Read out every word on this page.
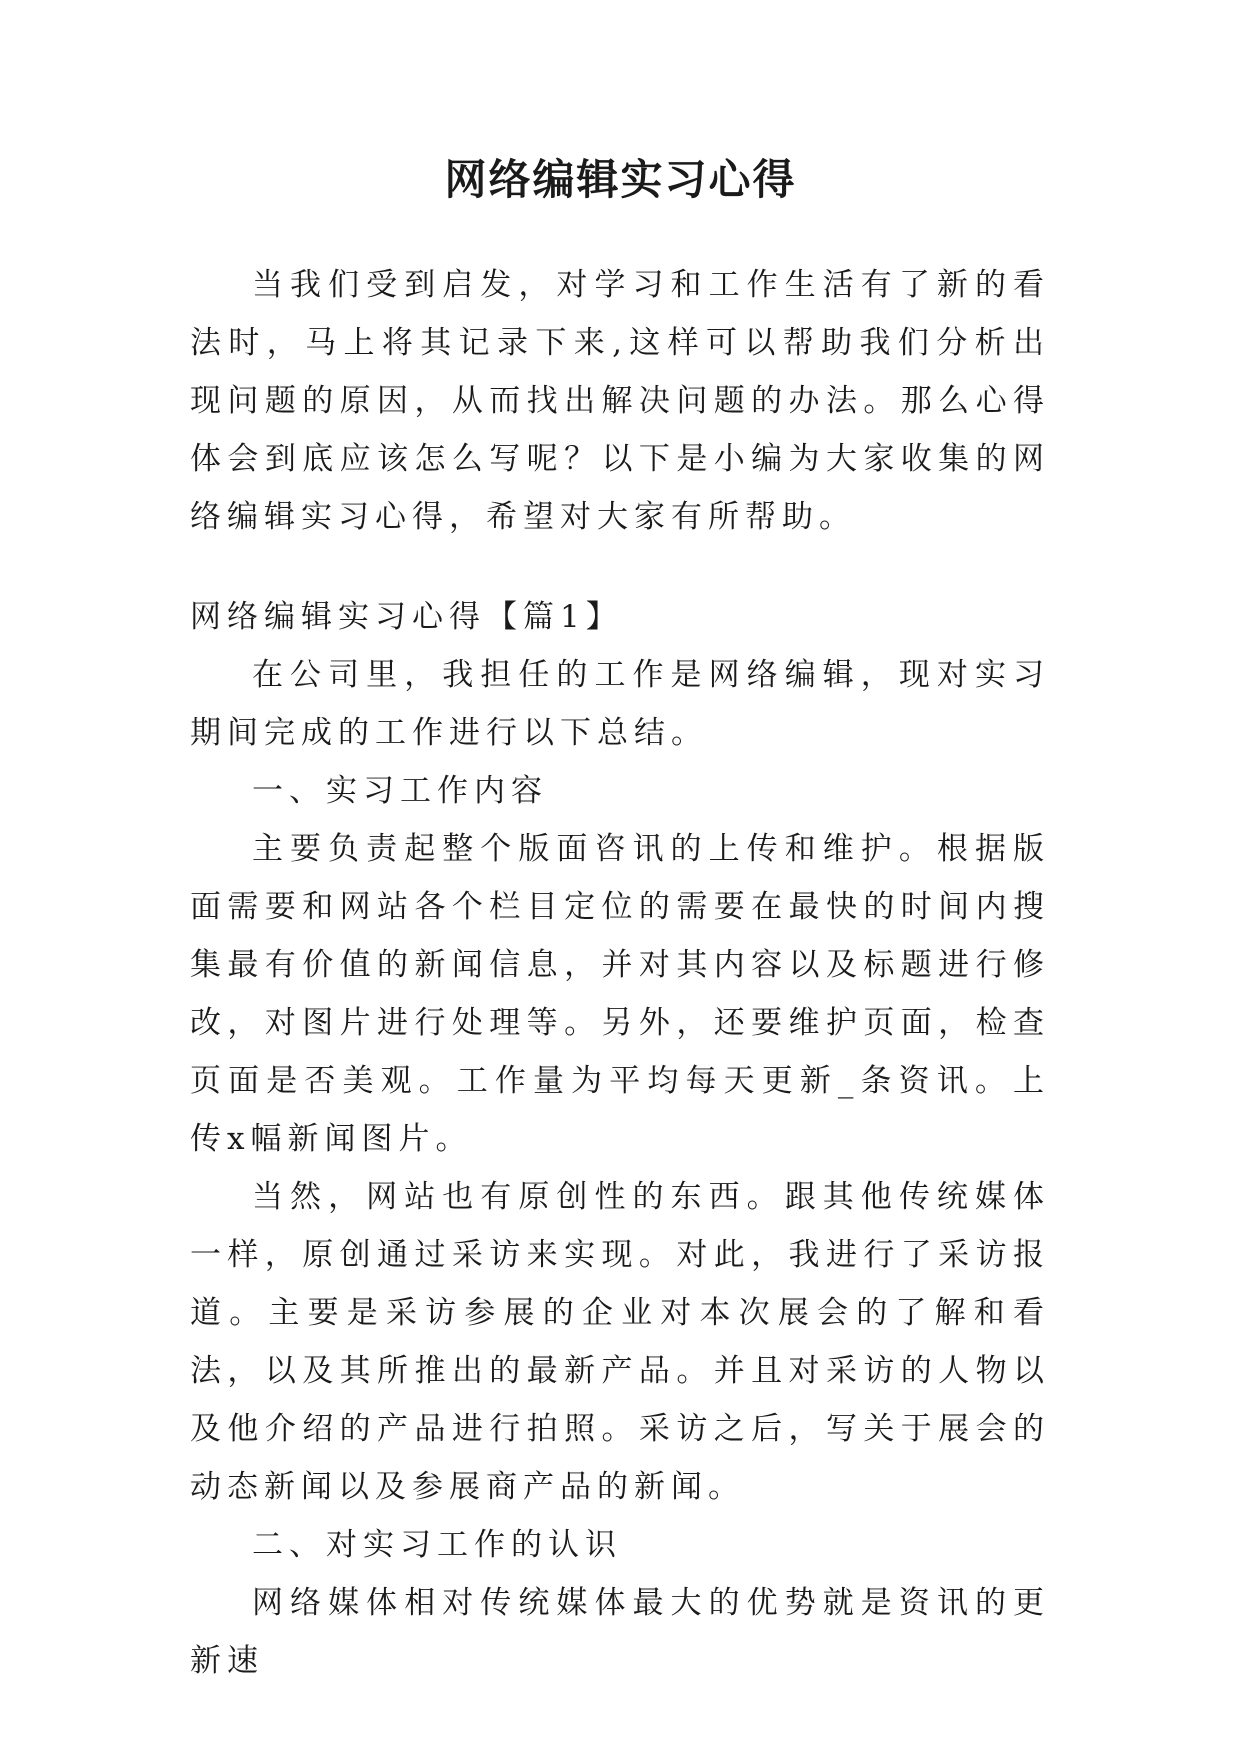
网络编辑实习心得

当我们受到启发，对学习和工作生活有了新的看法时，马上将其记录下来,这样可以帮助我们分析出现问题的原因，从而找出解决问题的办法。那么心得体会到底应该怎么写呢？以下是小编为大家收集的网络编辑实习心得，希望对大家有所帮助。

网络编辑实习心得【篇1】

在公司里，我担任的工作是网络编辑，现对实习期间完成的工作进行以下总结。

一、实习工作内容

主要负责起整个版面咨讯的上传和维护。根据版面需要和网站各个栏目定位的需要在最快的时间内搜集最有价值的新闻信息，并对其内容以及标题进行修改，对图片进行处理等。另外，还要维护页面，检查页面是否美观。工作量为平均每天更新_条资讯。上传x幅新闻图片。

当然，网站也有原创性的东西。跟其他传统媒体一样，原创通过采访来实现。对此，我进行了采访报道。主要是采访参展的企业对本次展会的了解和看法，以及其所推出的最新产品。并且对采访的人物以及他介绍的产品进行拍照。采访之后，写关于展会的动态新闻以及参展商产品的新闻。

二、对实习工作的认识

网络媒体相对传统媒体最大的优势就是资讯的更新速
